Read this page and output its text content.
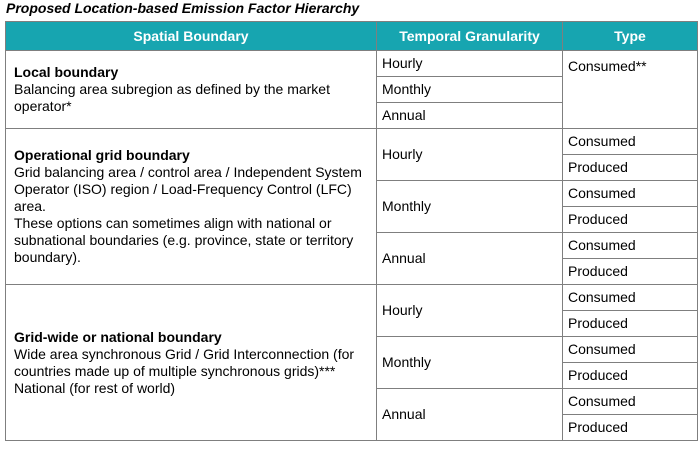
Proposed Location-based Emission Factor Hierarchy
Spatial Boundary	Temporal Granularity	Type

Local boundary
Balancing area subregion as defined by the market operator*	Hourly	Consumed**
	Monthly	
	Annual	

Operational grid boundary
Grid balancing area / control area / Independent System Operator (ISO) region / Load-Frequency Control (LFC) area.
These options can sometimes align with national or subnational boundaries (e.g. province, state or territory boundary).	Hourly	Consumed
		Produced
	Monthly	Consumed
		Produced
	Annual	Consumed
		Produced

Grid-wide or national boundary
Wide area synchronous Grid / Grid Interconnection (for countries made up of multiple synchronous grids)***
National (for rest of world)	Hourly	Consumed
		Produced
	Monthly	Consumed
		Produced
	Annual	Consumed
		Produced
